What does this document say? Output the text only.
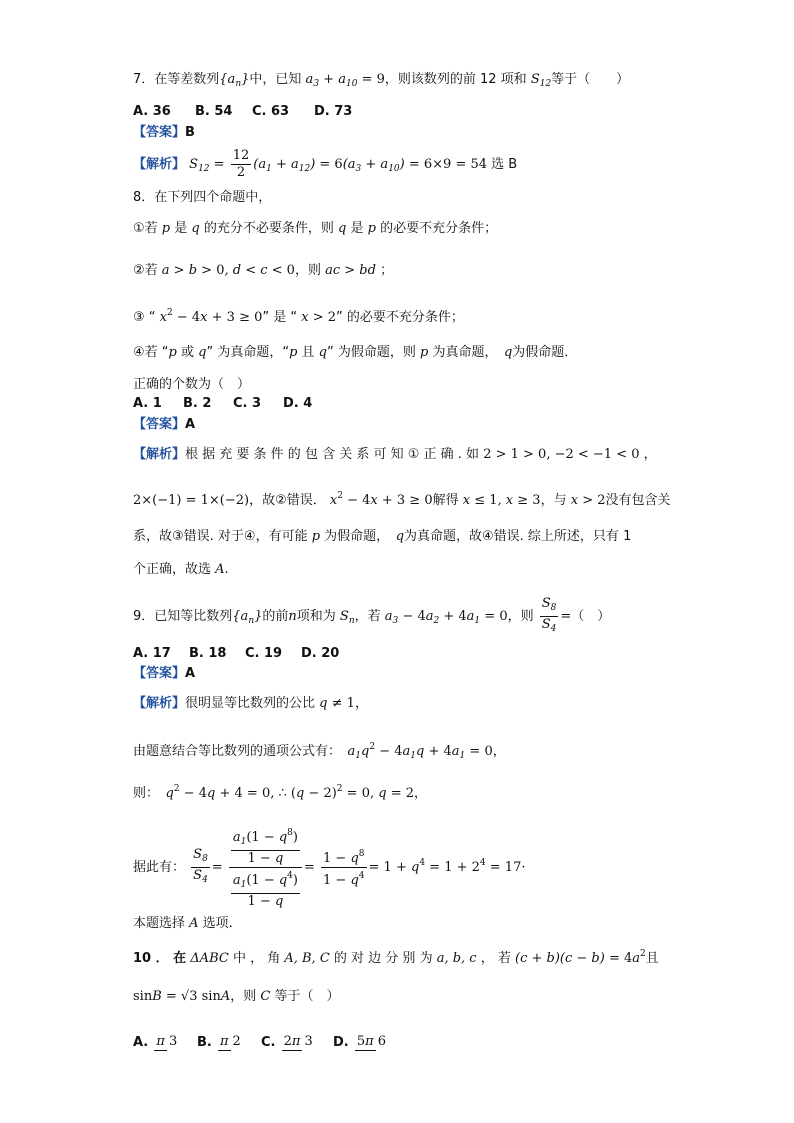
7．在等差数列$\{a_n\}$中，已知 $a_3 + a_{10} = 9$，则该数列的前 12 项和 $S_{12}$等于（　　）
A. 36 B. 54 C. 63 D. 73
【答案】B
【解析】 $S_{12} = \frac{12}{2} (a_1 + a_{12}) = 6(a_3 + a_{10}) = 6\times 9 = 54$ 选 B
8．在下列四个命题中，
①若 p 是 q 的充分不必要条件，则 q 是 p 的必要不充分条件；
②若 a > b > 0, d < c < 0，则 ac > bd ；
③ “ $x^2 - 4x + 3 \ge 0$” 是 “ x > 2” 的必要不充分条件；
④若 “p 或 q” 为真命题，“p 且 q” 为假命题，则 p 为真命题，　q为假命题．
正确的个数为（　）
A. 1 B. 2 C. 3 D. 4
【答案】A
【解析】根 据 充 要 条 件 的 包 含 关 系 可 知 ① 正 确 . 如 2 > 1 > 0, −2 < −1 < 0 ，
2×(−1) = 1×(−2)，故②错误． $x^2 - 4x + 3 \ge 0$解得 x ≤ 1, x ≥ 3，与 x > 2没有包含关
系，故③错误. 对于④，有可能 p 为假命题，　q为真命题，故④错误. 综上所述，只有 1
个正确，故选 A.
9．已知等比数列$\{a_n\}$的前n项和为 $S_n$，若 $a_3 - 4a_2 + 4a_1 = 0$，则 $\frac{S_8}{S_4}$ =（　）
A. 17 B. 18 C. 19 D. 20
【答案】A
【解析】很明显等比数列的公比 q ≠ 1，
由题意结合等比数列的通项公式有：　$a_1q^2 - 4a_1q + 4a_1 = 0$，
则：　$q^2 - 4q + 4 = 0$, ∴ $(q - 2)^2 = 0$, q = 2，
据此有： $\frac{S_8}{S_4} = \frac{\frac{a_1(1 - q^8)}{1 - q}}{\frac{a_1(1 - q^4)}{1 - q}} = \frac{1 - q^8}{1 - q^4} = 1 + q^4 = 1 + 2^4 = 17\cdot$
本题选择 A 选项.
10 ． 在 ΔABC 中 ， 角 A, B, C 的 对 边 分 别 为 a, b, c ， 若 $(c + b)(c - b) = 4a^2$且
sinB = √3 sinA，则 C 等于（　）
A. π 3 B. π 2 C. 2π 3 D. 5π 6
